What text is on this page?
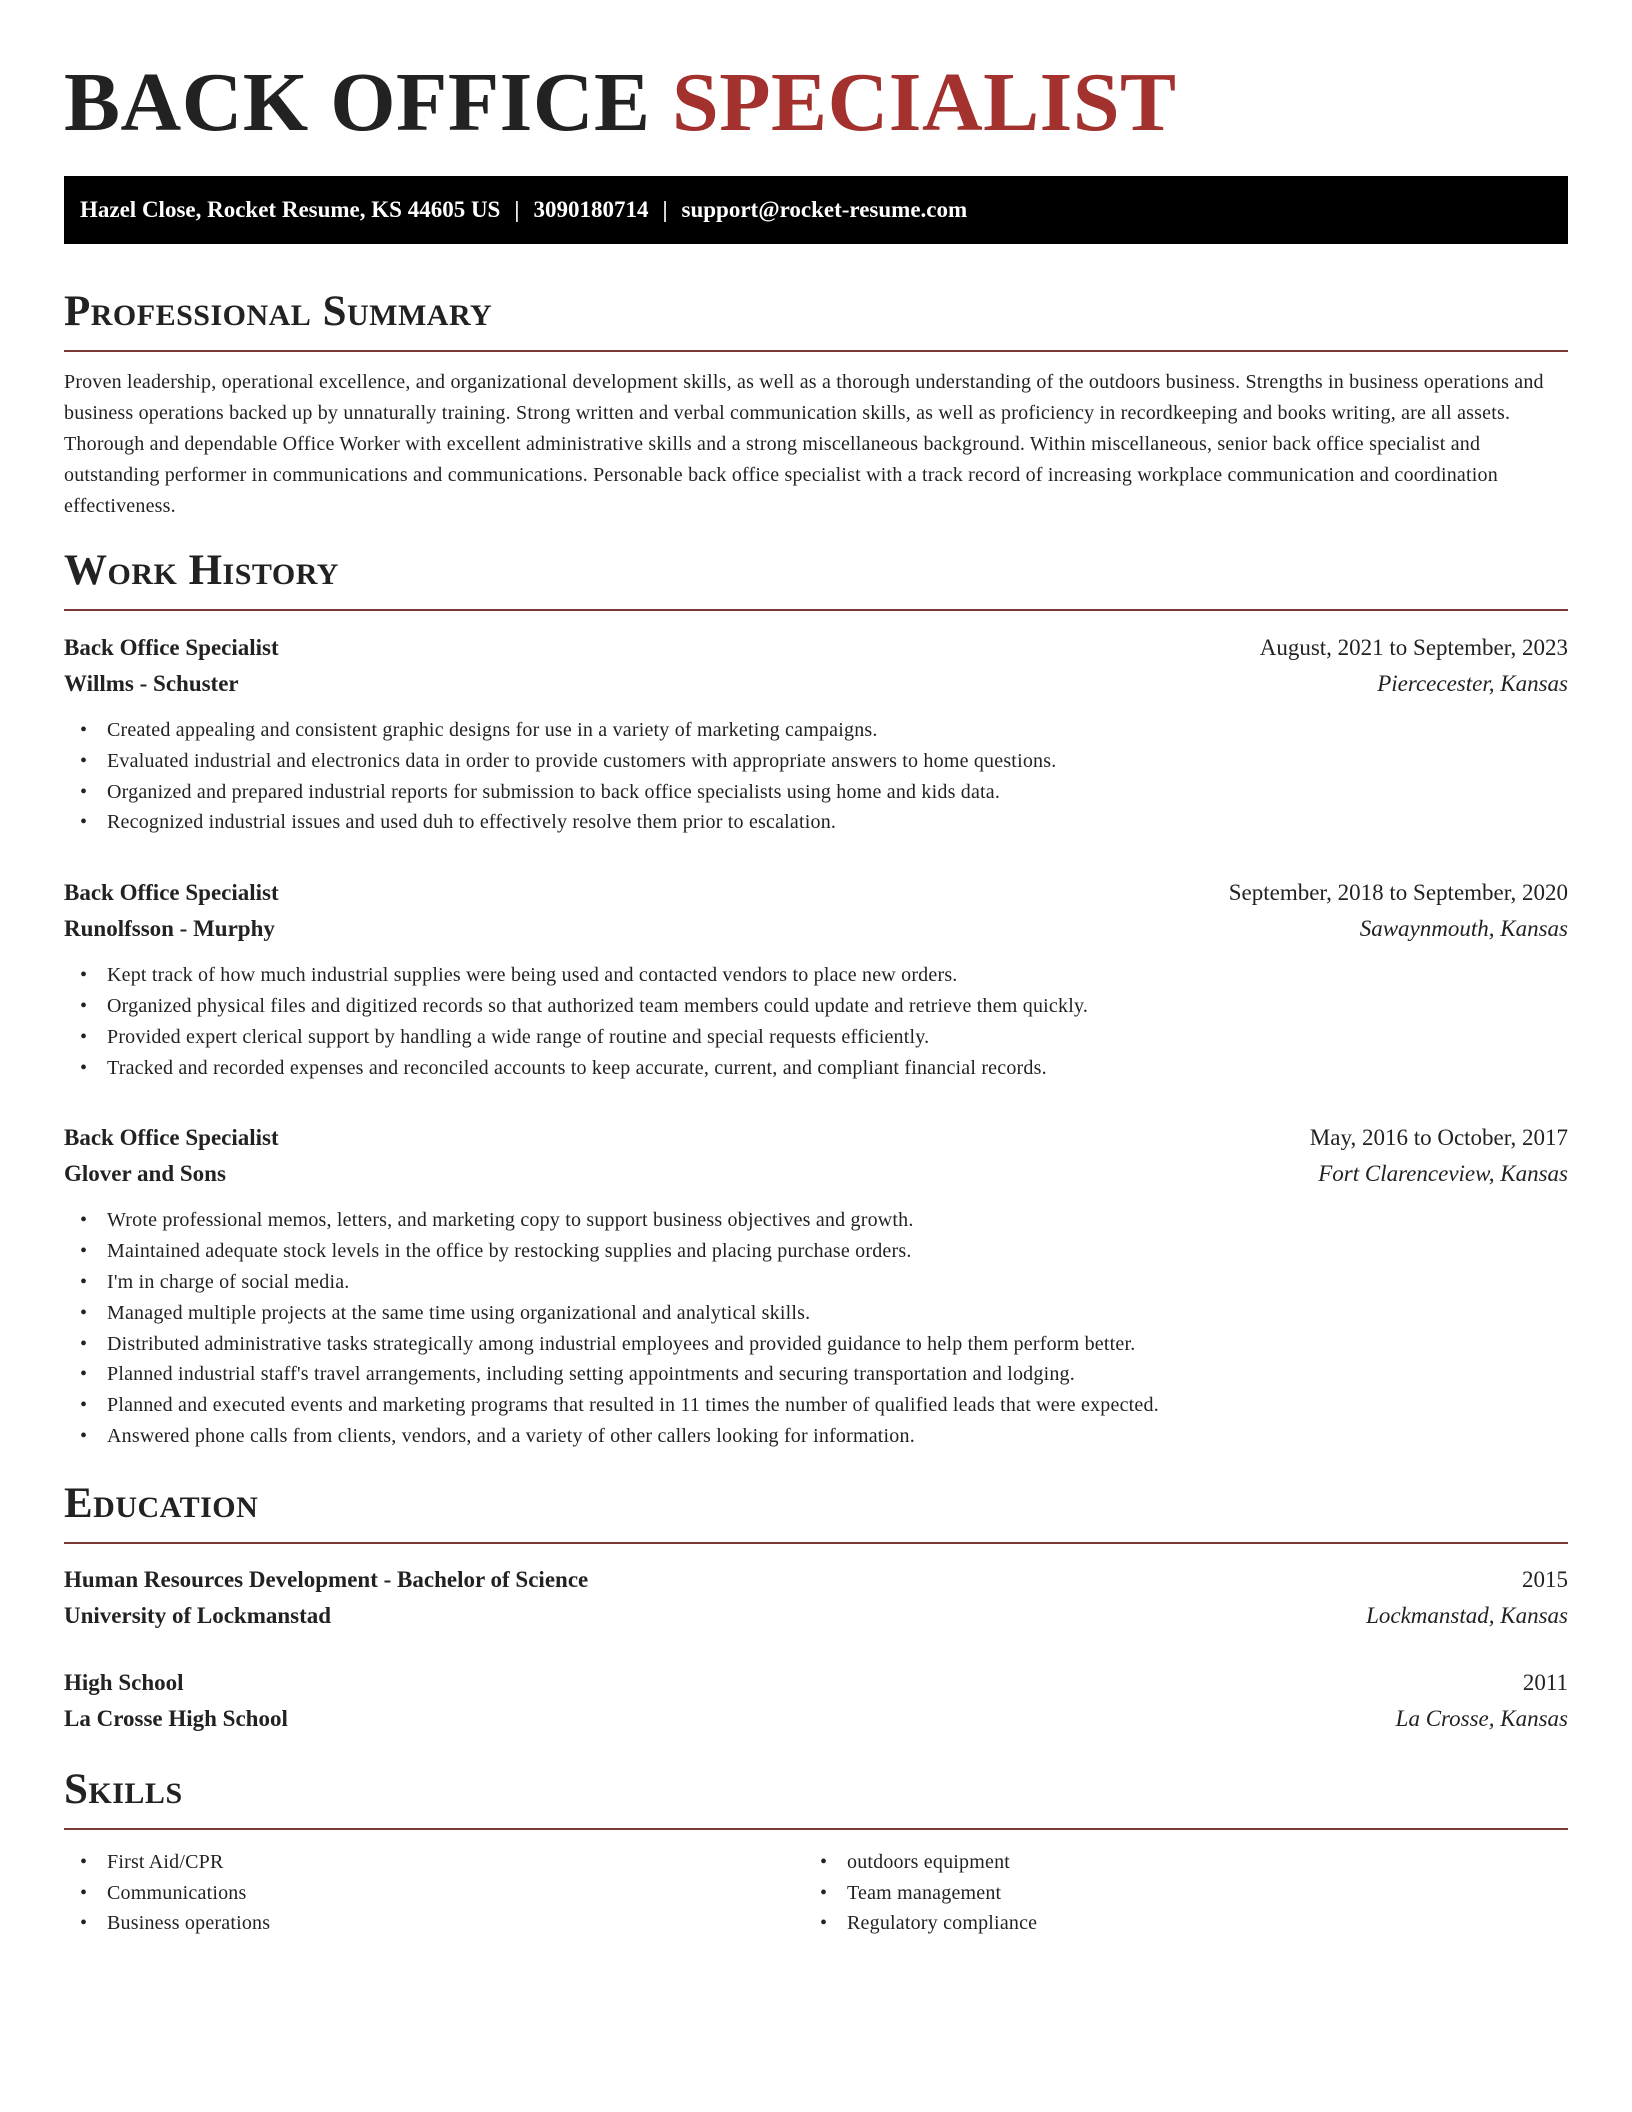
BACK OFFICE SPECIALIST
Hazel Close, Rocket Resume, KS 44605 US | 3090180714 | support@rocket-resume.com
Professional Summary

Proven leadership, operational excellence, and organizational development skills, as well as a thorough understanding of the outdoors business. Strengths in business operations and business operations backed up by unnaturally training. Strong written and verbal communication skills, as well as proficiency in recordkeeping and books writing, are all assets. Thorough and dependable Office Worker with excellent administrative skills and a strong miscellaneous background. Within miscellaneous, senior back office specialist and outstanding performer in communications and communications. Personable back office specialist with a track record of increasing workplace communication and coordination effectiveness.

Work History
Back Office Specialist	August, 2021 to September, 2023
Willms - Schuster	Piercecester, Kansas
• Created appealing and consistent graphic designs for use in a variety of marketing campaigns.
• Evaluated industrial and electronics data in order to provide customers with appropriate answers to home questions.
• Organized and prepared industrial reports for submission to back office specialists using home and kids data.
• Recognized industrial issues and used duh to effectively resolve them prior to escalation.
Back Office Specialist	September, 2018 to September, 2020
Runolfsson - Murphy	Sawaynmouth, Kansas
• Kept track of how much industrial supplies were being used and contacted vendors to place new orders.
• Organized physical files and digitized records so that authorized team members could update and retrieve them quickly.
• Provided expert clerical support by handling a wide range of routine and special requests efficiently.
• Tracked and recorded expenses and reconciled accounts to keep accurate, current, and compliant financial records.
Back Office Specialist	May, 2016 to October, 2017
Glover and Sons	Fort Clarenceview, Kansas
• Wrote professional memos, letters, and marketing copy to support business objectives and growth.
• Maintained adequate stock levels in the office by restocking supplies and placing purchase orders.
• I'm in charge of social media.
• Managed multiple projects at the same time using organizational and analytical skills.
• Distributed administrative tasks strategically among industrial employees and provided guidance to help them perform better.
• Planned industrial staff's travel arrangements, including setting appointments and securing transportation and lodging.
• Planned and executed events and marketing programs that resulted in 11 times the number of qualified leads that were expected.
• Answered phone calls from clients, vendors, and a variety of other callers looking for information.
Education
Human Resources Development - Bachelor of Science	2015
University of Lockmanstad	Lockmanstad, Kansas
High School	2011
La Crosse High School	La Crosse, Kansas
Skills
• First Aid/CPR
• Communications
• Business operations
• outdoors equipment
• Team management
• Regulatory compliance
